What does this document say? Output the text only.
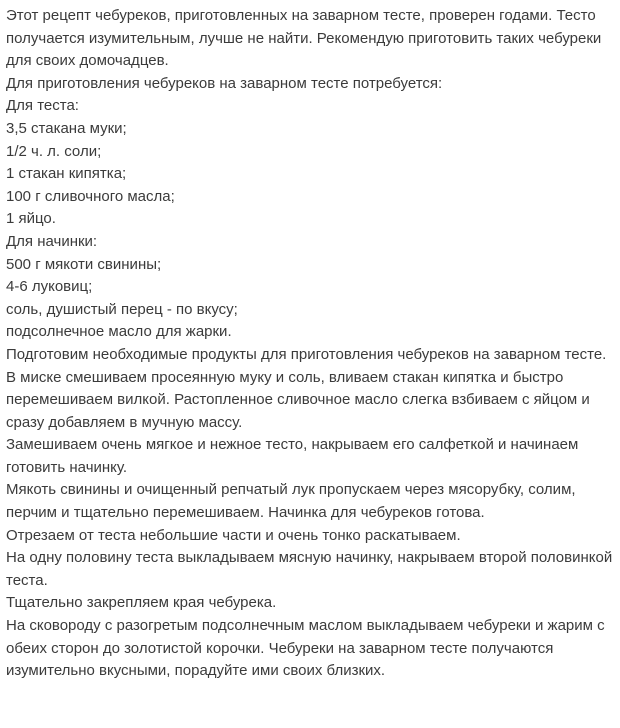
Этот рецепт чебуреков, приготовленных на заварном тесте, проверен годами. Тесто получается изумительным, лучше не найти. Рекомендую приготовить таких чебуреки для своих домочадцев.

Для приготовления чебуреков на заварном тесте потребуется:

Для теста:

3,5 стакана муки;

1/2 ч. л. соли;

1 стакан кипятка;

100 г сливочного масла;

1 яйцо.

Для начинки:

500 г мякоти свинины;

4-6 луковиц;

соль, душистый перец - по вкусу;

подсолнечное масло для жарки.

Подготовим необходимые продукты для приготовления чебуреков на заварном тесте.

В миске смешиваем просеянную муку и соль, вливаем стакан кипятка и быстро перемешиваем вилкой. Растопленное сливочное масло слегка взбиваем с яйцом и сразу добавляем в мучную массу.

Замешиваем очень мягкое и нежное тесто, накрываем его салфеткой и начинаем готовить начинку.

Мякоть свинины и очищенный репчатый лук пропускаем через мясорубку, солим, перчим и тщательно перемешиваем. Начинка для чебуреков готова.

Отрезаем от теста небольшие части и очень тонко раскатываем.

На одну половину теста выкладываем мясную начинку, накрываем второй половинкой теста.

Тщательно закрепляем края чебурека.

На сковороду с разогретым подсолнечным маслом выкладываем чебуреки и жарим с обеих сторон до золотистой корочки. Чебуреки на заварном тесте получаются изумительно вкусными, порадуйте ими своих близких.
